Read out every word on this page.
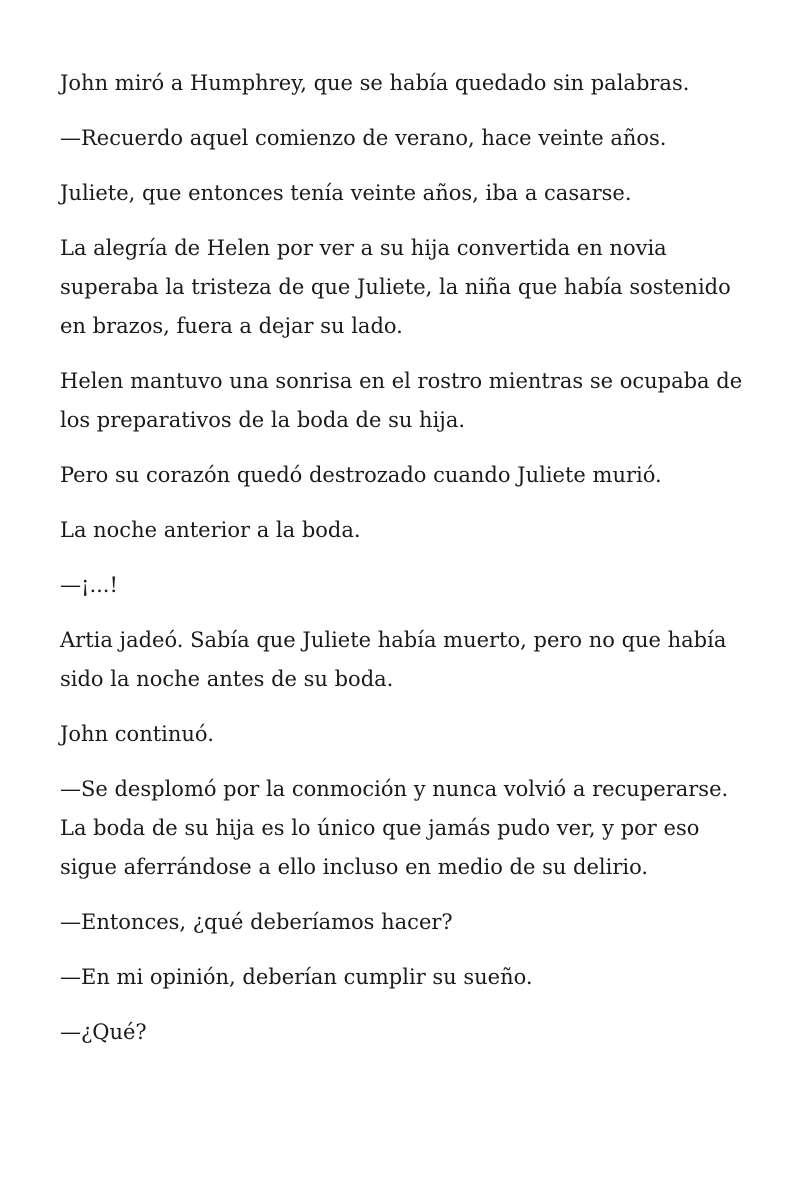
John miró a Humphrey, que se había quedado sin palabras.

—Recuerdo aquel comienzo de verano, hace veinte años.

Juliete, que entonces tenía veinte años, iba a casarse.

La alegría de Helen por ver a su hija convertida en novia superaba la tristeza de que Juliete, la niña que había sostenido en brazos, fuera a dejar su lado.

Helen mantuvo una sonrisa en el rostro mientras se ocupaba de los preparativos de la boda de su hija.

Pero su corazón quedó destrozado cuando Juliete murió.

La noche anterior a la boda.

—¡...!

Artia jadeó. Sabía que Juliete había muerto, pero no que había sido la noche antes de su boda.

John continuó.

—Se desplomó por la conmoción y nunca volvió a recuperarse. La boda de su hija es lo único que jamás pudo ver, y por eso sigue aferrándose a ello incluso en medio de su delirio.

—Entonces, ¿qué deberíamos hacer?

—En mi opinión, deberían cumplir su sueño.

—¿Qué?
